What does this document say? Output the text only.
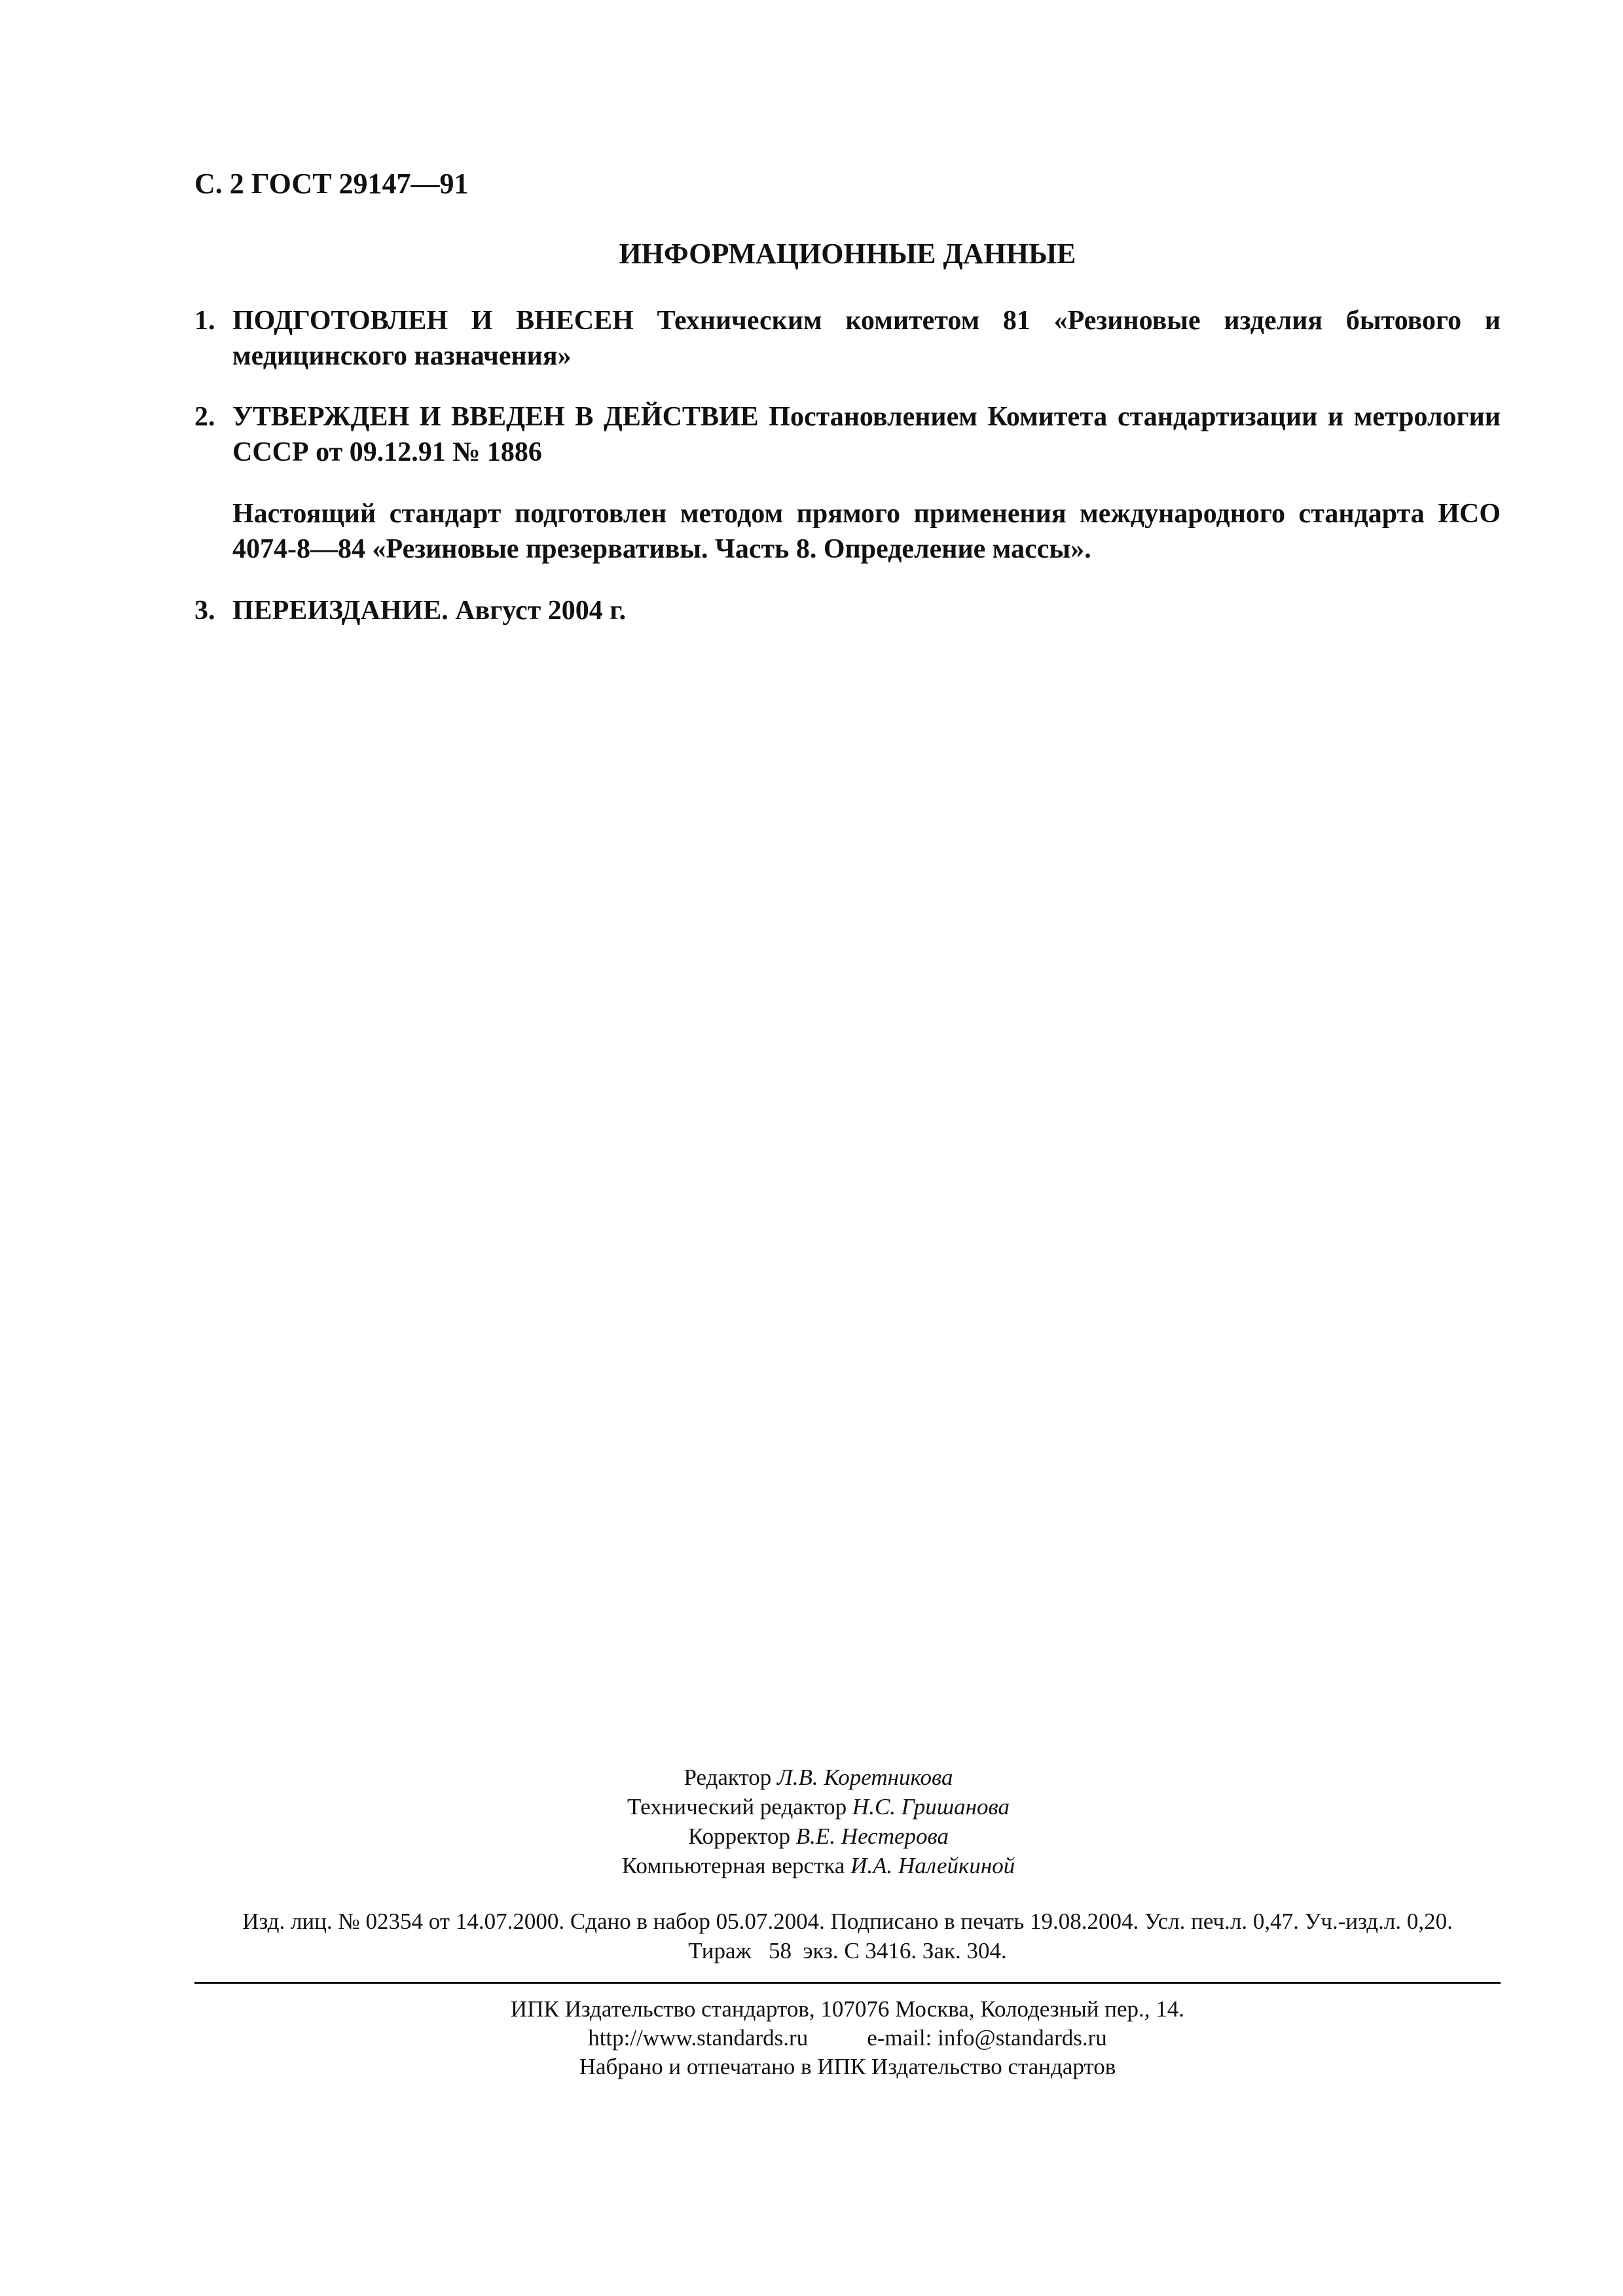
С. 2 ГОСТ 29147—91
ИНФОРМАЦИОННЫЕ ДАННЫЕ
1. ПОДГОТОВЛЕН И ВНЕСЕН Техническим комитетом 81 «Резиновые изделия бытового и медицинского назначения»
2. УТВЕРЖДЕН И ВВЕДЕН В ДЕЙСТВИЕ Постановлением Комитета стандартизации и метрологии СССР от 09.12.91 № 1886
Настоящий стандарт подготовлен методом прямого применения международного стандарта ИСО 4074-8—84 «Резиновые презервативы. Часть 8. Определение массы».
3. ПЕРЕИЗДАНИЕ. Август 2004 г.
Редактор Л.В. Коретникова
Технический редактор Н.С. Гришанова
Корректор В.Е. Нестерова
Компьютерная верстка И.А. Налейкиной
Изд. лиц. № 02354 от 14.07.2000. Сдано в набор 05.07.2004. Подписано в печать 19.08.2004. Усл. печ.л. 0,47. Уч.-изд.л. 0,20.
Тираж   58  экз. С 3416. Зак. 304.
ИПК Издательство стандартов, 107076 Москва, Колодезный пер., 14.
http://www.standards.ru	e-mail: info@standards.ru
Набрано и отпечатано в ИПК Издательство стандартов
